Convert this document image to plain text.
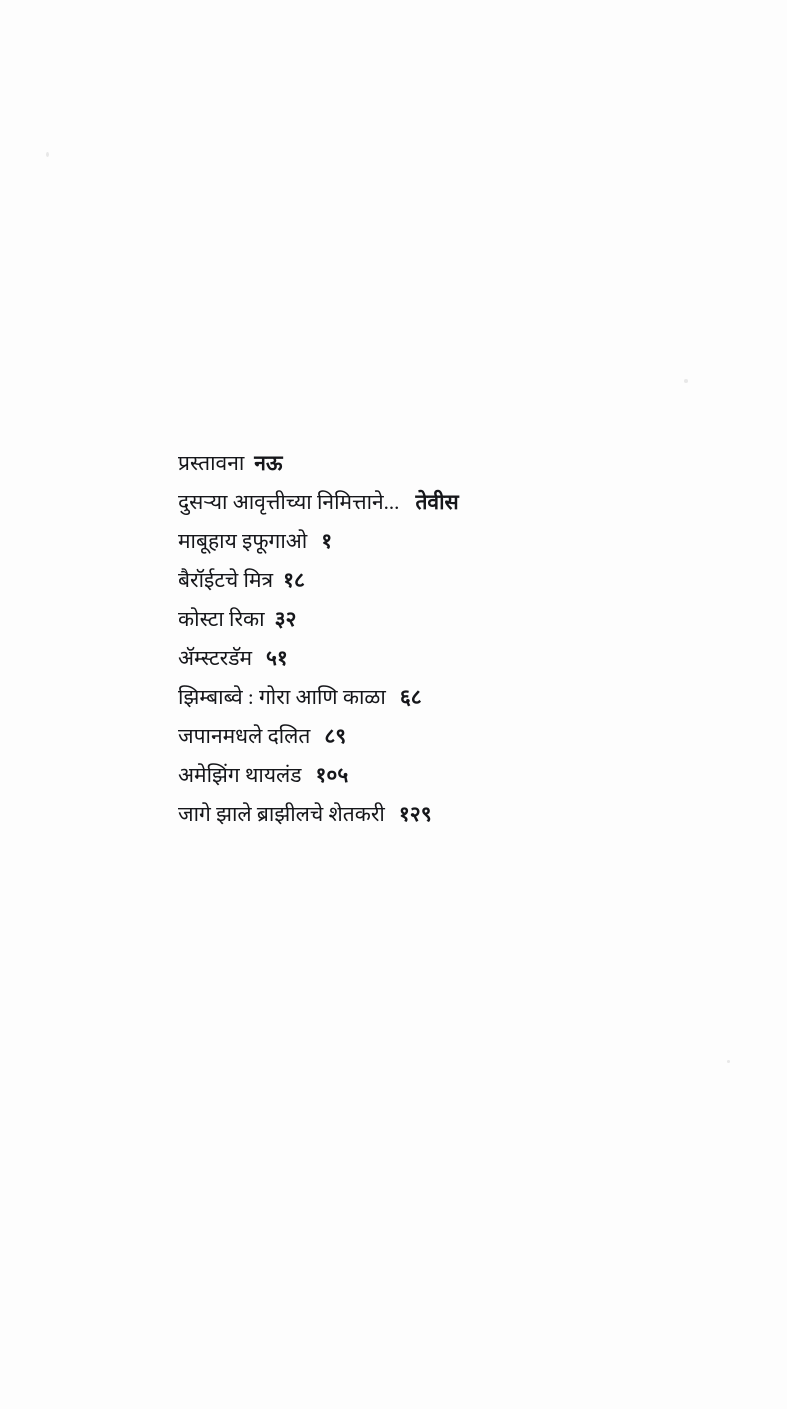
प्रस्तावना नऊ
दुसऱ्या आवृत्तीच्या निमित्ताने... तेवीस
माबूहाय इफूगाओ १
बैरॉईटचे मित्र १८
कोस्टा रिका ३२
ॲम्स्टरडॅम ५१
झिम्बाब्वे : गोरा आणि काळा ६८
जपानमधले दलित ८९
अमेझिंग थायलंड १०५
जागे झाले ब्राझीलचे शेतकरी १२९
